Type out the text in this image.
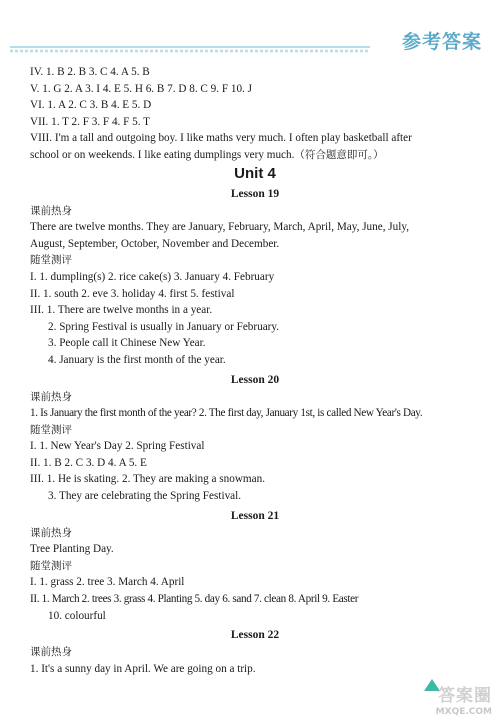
参考答案
IV. 1. B 2. B 3. C 4. A 5. B
V. 1. G 2. A 3. I 4. E 5. H 6. B 7. D 8. C 9. F 10. J
VI. 1. A 2. C 3. B 4. E 5. D
VII. 1. T 2. F 3. F 4. F 5. T
VIII. I'm a tall and outgoing boy. I like maths very much. I often play basketball after
school or on weekends. I like eating dumplings very much.（符合题意即可。）
Unit 4
Lesson 19
课前热身
There are twelve months. They are January, February, March, April, May, June, July,
August, September, October, November and December.
随堂测评
I. 1. dumpling(s) 2. rice cake(s) 3. January 4. February
II. 1. south 2. eve 3. holiday 4. first 5. festival
III. 1. There are twelve months in a year.
2. Spring Festival is usually in January or February.
3. People call it Chinese New Year.
4. January is the first month of the year.
Lesson 20
课前热身
1. Is January the first month of the year? 2. The first day, January 1st, is called New Year's Day.
随堂测评
I. 1. New Year's Day 2. Spring Festival
II. 1. B 2. C 3. D 4. A 5. E
III. 1. He is skating. 2. They are making a snowman.
3. They are celebrating the Spring Festival.
Lesson 21
课前热身
Tree Planting Day.
随堂测评
I. 1. grass 2. tree 3. March 4. April
II. 1. March 2. trees 3. grass 4. Planting 5. day 6. sand 7. clean 8. April 9. Easter
10. colourful
Lesson 22
课前热身
1. It's a sunny day in April. We are going on a trip.
答案圈
MXQE.COM
